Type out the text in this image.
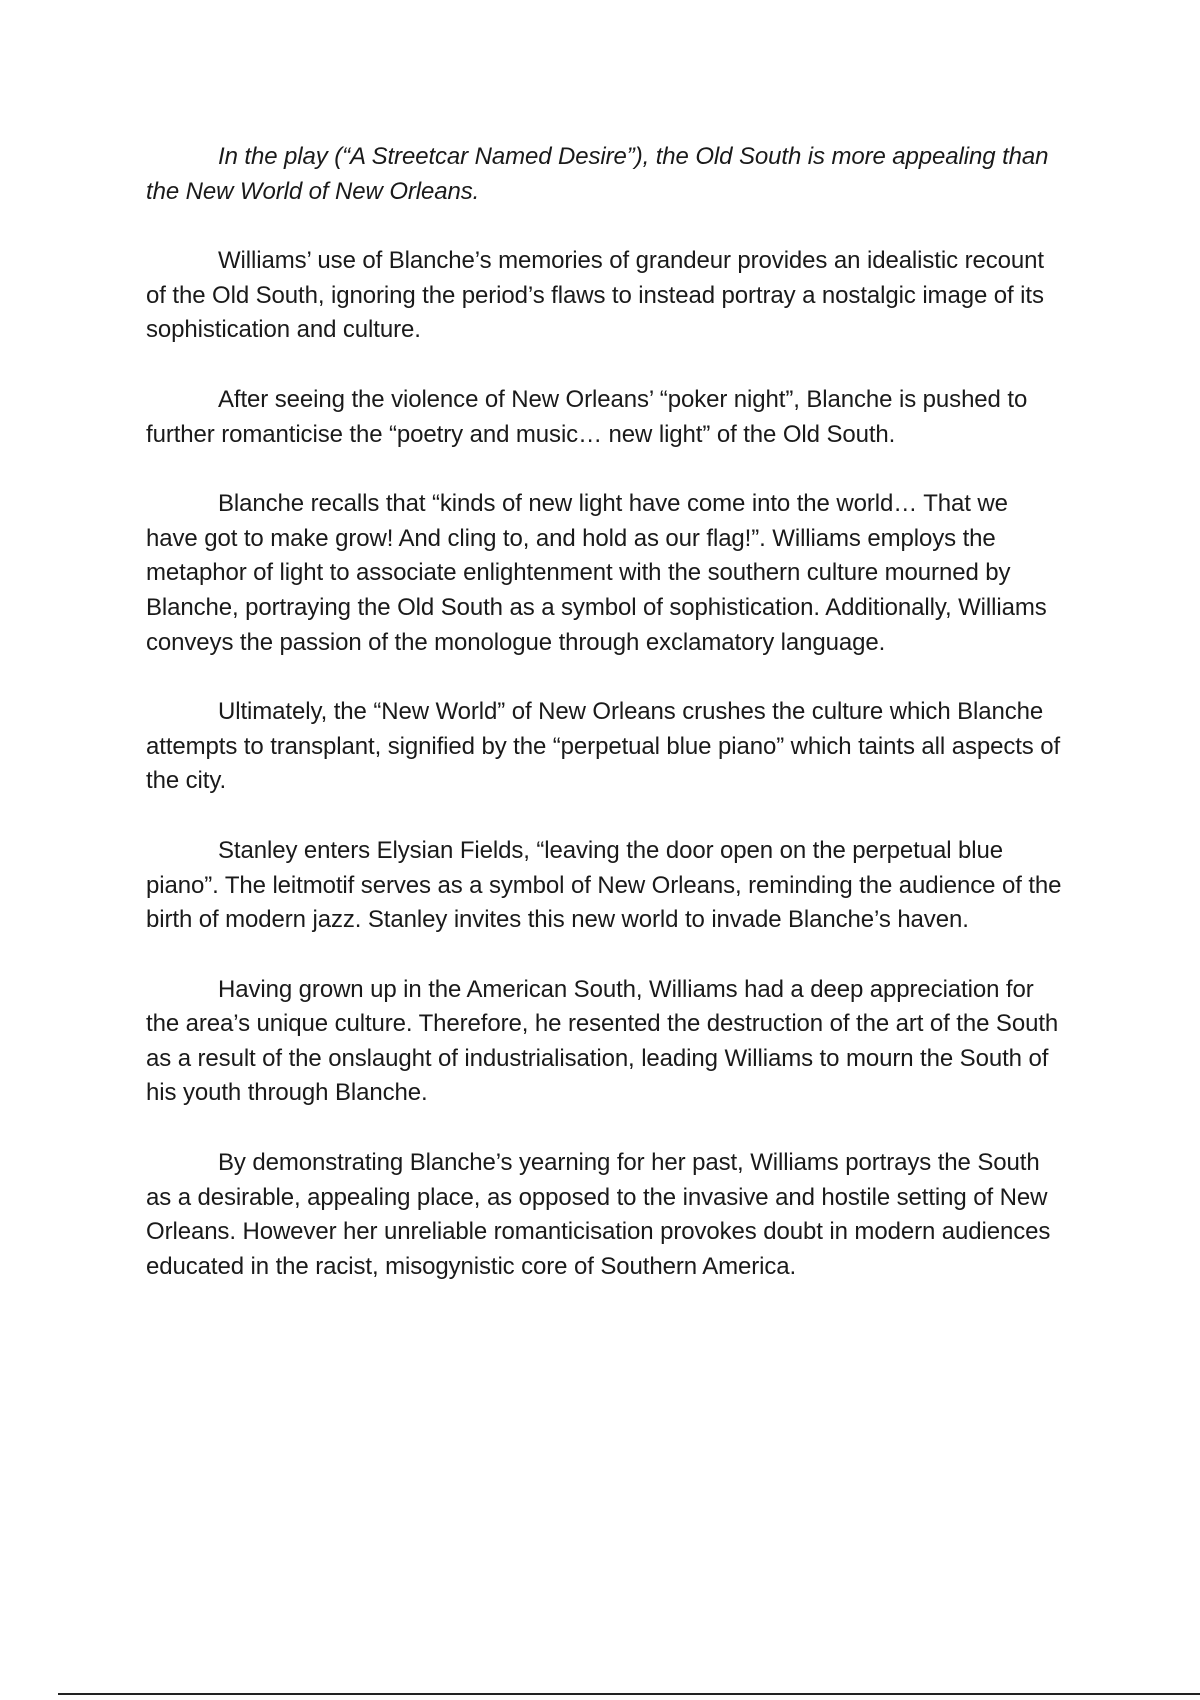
In the play (“A Streetcar Named Desire”), the Old South is more appealing than the New World of New Orleans.

Williams’ use of Blanche’s memories of grandeur provides an idealistic recount of the Old South, ignoring the period’s flaws to instead portray a nostalgic image of its sophistication and culture.

After seeing the violence of New Orleans’ “poker night”, Blanche is pushed to further romanticise the “poetry and music… new light” of the Old South.

Blanche recalls that “kinds of new light have come into the world… That we have got to make grow! And cling to, and hold as our flag!”. Williams employs the metaphor of light to associate enlightenment with the southern culture mourned by Blanche, portraying the Old South as a symbol of sophistication. Additionally, Williams conveys the passion of the monologue through exclamatory language.

Ultimately, the “New World” of New Orleans crushes the culture which Blanche attempts to transplant, signified by the “perpetual blue piano” which taints all aspects of the city.

Stanley enters Elysian Fields, “leaving the door open on the perpetual blue piano”. The leitmotif serves as a symbol of New Orleans, reminding the audience of the birth of modern jazz. Stanley invites this new world to invade Blanche’s haven.

Having grown up in the American South, Williams had a deep appreciation for the area’s unique culture. Therefore, he resented the destruction of the art of the South as a result of the onslaught of industrialisation, leading Williams to mourn the South of his youth through Blanche.

By demonstrating Blanche’s yearning for her past, Williams portrays the South as a desirable, appealing place, as opposed to the invasive and hostile setting of New Orleans. However her unreliable romanticisation provokes doubt in modern audiences educated in the racist, misogynistic core of Southern America.
